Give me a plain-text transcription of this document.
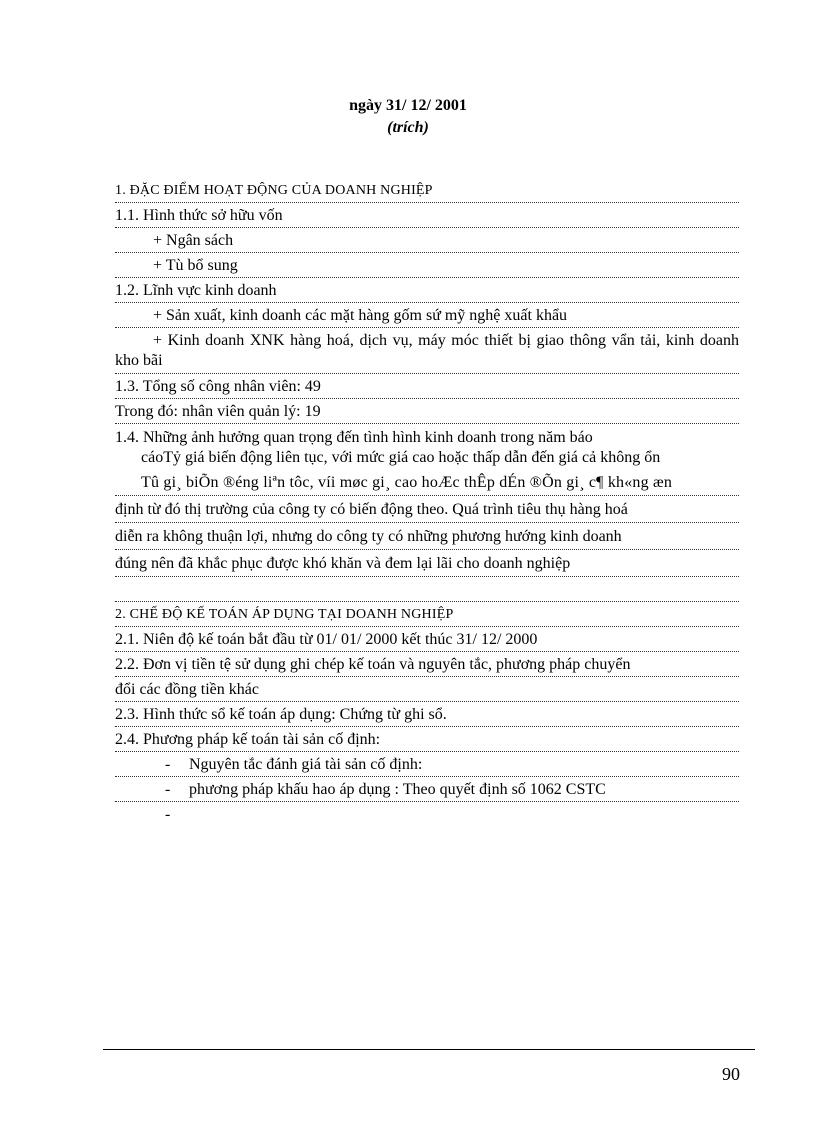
ngày 31/ 12/ 2001
(trích)
1. ĐẶC ĐIỂM HOẠT ĐỘNG CỦA DOANH NGHIỆP
1.1. Hình thức sở hữu vốn
+ Ngân sách
+ Tù bổ sung
1.2. Lĩnh vực kinh doanh
+ Sản xuất, kinh doanh các mặt hàng gốm sứ mỹ nghệ xuất khẩu
+ Kinh doanh XNK hàng hoá, dịch vụ, máy móc thiết bị giao thông vẩn tải, kinh doanh kho bãi
1.3. Tổng số công nhân viên: 49
Trong đó: nhân viên quản lý: 19
1.4. Những ảnh hưởng quan trọng đến tình hình kinh doanh trong năm báo
cáoTỷ giá biến động liên tục, với mức giá cao hoặc thấp dẫn đến giá cả không ổn
Tû gi¸ biÕn ®éng liªn tôc, víi møc gi¸ cao hoÆc thÊp dÉn ®Õn gi¸ c¶ kh«ng æn
định từ đó thị trường của công ty có biến động theo. Quá trình tiêu thụ hàng hoá
diễn ra không thuận lợi, nhưng do công ty có những phương hướng kinh doanh
đúng nên đã khắc phục được khó khăn và đem lại lãi cho doanh nghiệp
2. CHẾ ĐỘ KẾ TOÁN ÁP DỤNG TẠI DOANH NGHIỆP
2.1. Niên độ kế toán bắt đầu từ 01/ 01/ 2000 kết thúc 31/ 12/ 2000
2.2. Đơn vị tiền tệ sử dụng ghi chép kế toán và nguyên tắc, phương pháp chuyển
đổi các đồng tiền khác
2.3. Hình thức sổ kế toán áp dụng: Chứng từ ghi sổ.
2.4. Phương pháp kế toán tài sản cố định:
- Nguyên tắc đánh giá tài sản cố định:
- phương pháp khấu hao áp dụng : Theo quyết định số 1062 CSTC
-
90
